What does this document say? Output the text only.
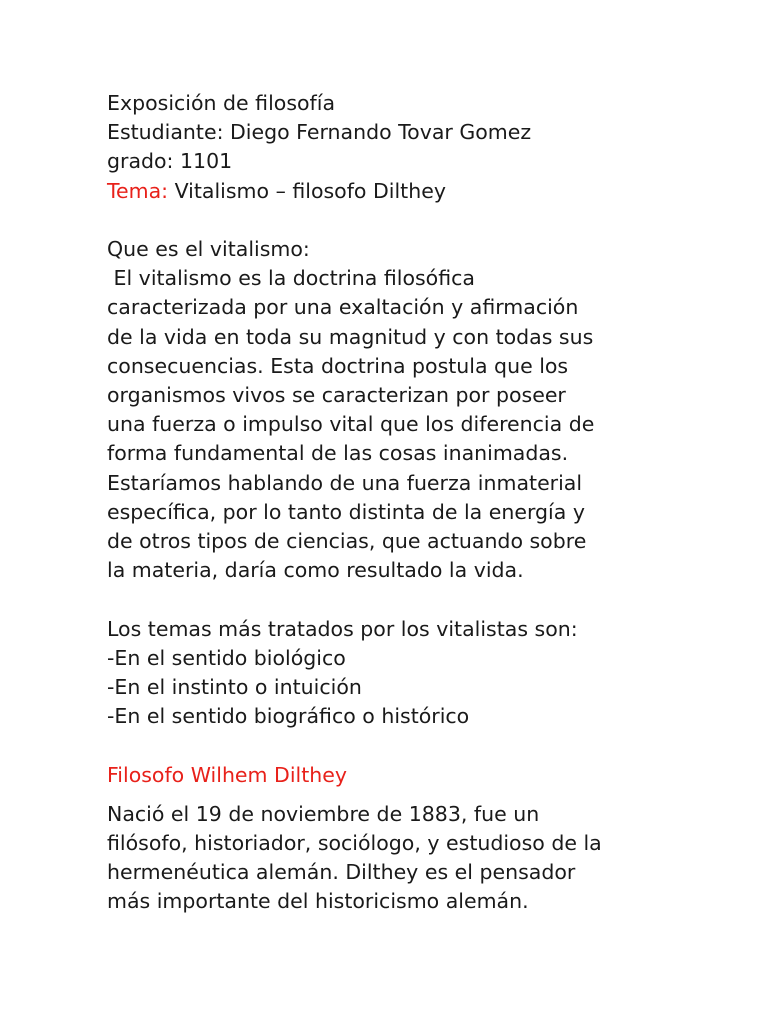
Exposición de filosofía
Estudiante: Diego Fernando Tovar Gomez
grado: 1101
Tema: Vitalismo – filosofo Dilthey
Que es el vitalismo:
El vitalismo es la doctrina filosófica
caracterizada por una exaltación y afirmación
de la vida en toda su magnitud y con todas sus
consecuencias. Esta doctrina postula que los
organismos vivos se caracterizan por poseer
una fuerza o impulso vital que los diferencia de
forma fundamental de las cosas inanimadas.
Estaríamos hablando de una fuerza inmaterial
específica, por lo tanto distinta de la energía y
de otros tipos de ciencias, que actuando sobre
la materia, daría como resultado la vida.
Los temas más tratados por los vitalistas son:
-En el sentido biológico
-En el instinto o intuición
-En el sentido biográfico o histórico
Filosofo Wilhem Dilthey
Nació el 19 de noviembre de 1883, fue un
filósofo, historiador, sociólogo, y estudioso de la
hermenéutica alemán. Dilthey es el pensador
más importante del historicismo alemán.
